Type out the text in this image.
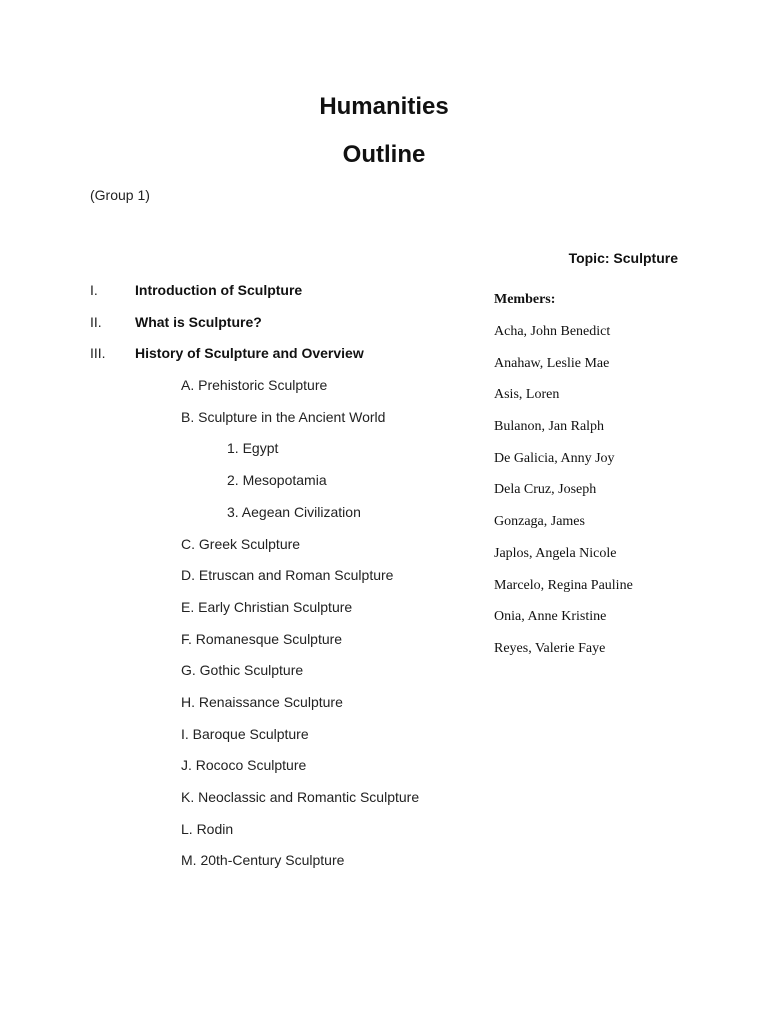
Humanities
Outline
(Group 1)
Topic: Sculpture
Members:
Acha, John Benedict
Anahaw, Leslie Mae
Asis, Loren
Bulanon, Jan Ralph
De Galicia, Anny Joy
Dela Cruz, Joseph
Gonzaga, James
Japlos, Angela Nicole
Marcelo, Regina Pauline
Onia, Anne Kristine
Reyes, Valerie Faye
I.	Introduction of Sculpture
II. What is Sculpture?
III. History of Sculpture and Overview
A. Prehistoric Sculpture
B. Sculpture in the Ancient World
1. Egypt
2. Mesopotamia
3. Aegean Civilization
C. Greek Sculpture
D. Etruscan and Roman Sculpture
E. Early Christian Sculpture
F. Romanesque Sculpture
G. Gothic Sculpture
H. Renaissance Sculpture
I. Baroque Sculpture
J. Rococo Sculpture
K. Neoclassic and Romantic Sculpture
L. Rodin
M. 20th-Century Sculpture
